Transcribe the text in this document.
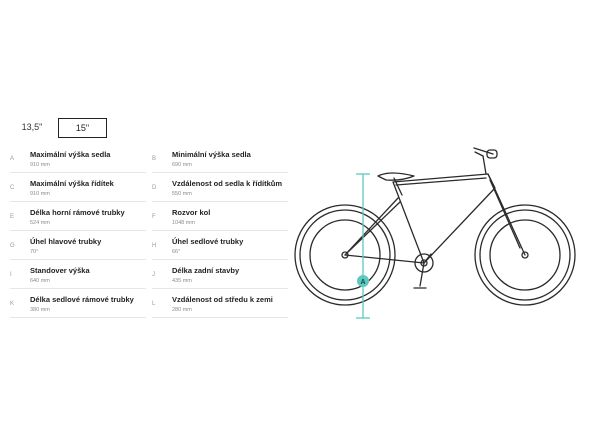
13,5"	15"
A Maximální výška sedla
910 mm
C Maximální výška řídítek
910 mm
E Délka horní rámové trubky
524 mm
G Úhel hlavové trubky
70°
I Standover výška
640 mm
K Délka sedlové rámové trubky
380 mm
B Minimální výška sedla
690 mm
D Vzdálenost od sedla k řídítkům
550 mm
F Rozvor kol
1048 mm
H Úhel sedlové trubky
66°
J Délka zadní stavby
435 mm
L Vzdálenost od středu k zemi
280 mm
A
